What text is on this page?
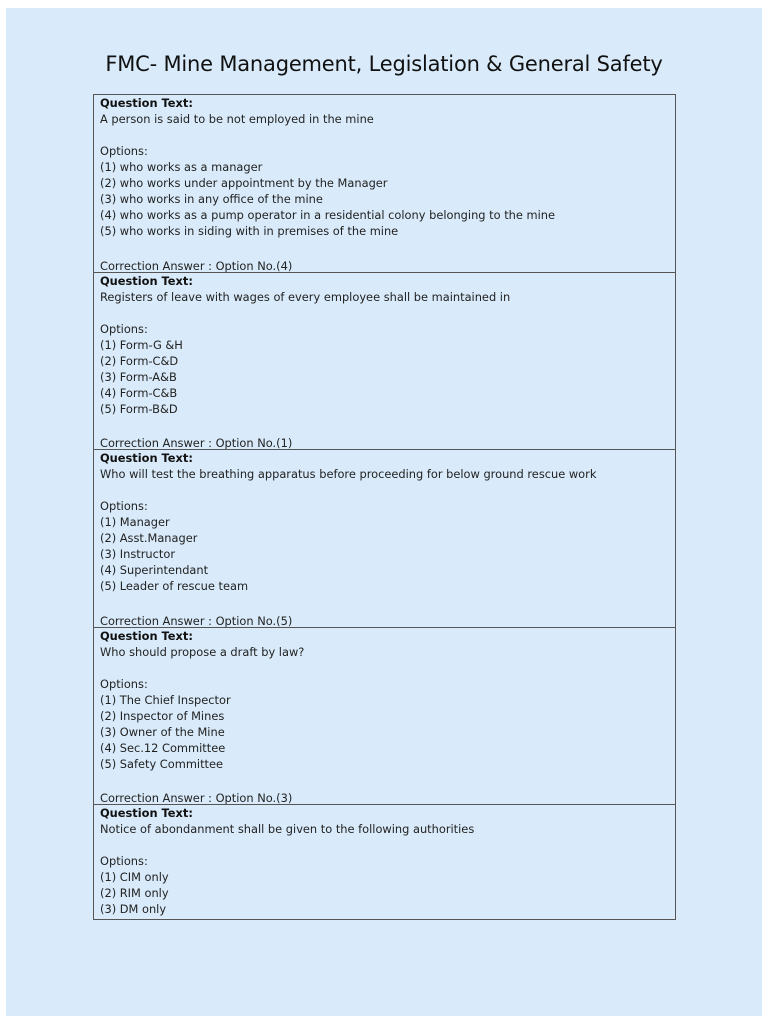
FMC- Mine Management, Legislation & General Safety
Question Text:
A person is said to be not employed in the mine
Options:
(1) who works as a manager
(2) who works under appointment by the Manager
(3) who works in any office of the mine
(4) who works as a pump operator in a residential colony belonging to the mine
(5) who works in siding with in premises of the mine
Correction Answer : Option No.(4)
Question Text:
Registers of leave with wages of every employee shall be maintained in
Options:
(1) Form-G &H
(2) Form-C&D
(3) Form-A&B
(4) Form-C&B
(5) Form-B&D
Correction Answer : Option No.(1)
Question Text:
Who will test the breathing apparatus before proceeding for below ground rescue work
Options:
(1) Manager
(2) Asst.Manager
(3) Instructor
(4) Superintendant
(5) Leader of rescue team
Correction Answer : Option No.(5)
Question Text:
Who should propose a draft by law?
Options:
(1) The Chief Inspector
(2) Inspector of Mines
(3) Owner of the Mine
(4) Sec.12 Committee
(5) Safety Committee
Correction Answer : Option No.(3)
Question Text:
Notice of abondanment shall be given to the following authorities
Options:
(1) CIM only
(2) RIM only
(3) DM only
